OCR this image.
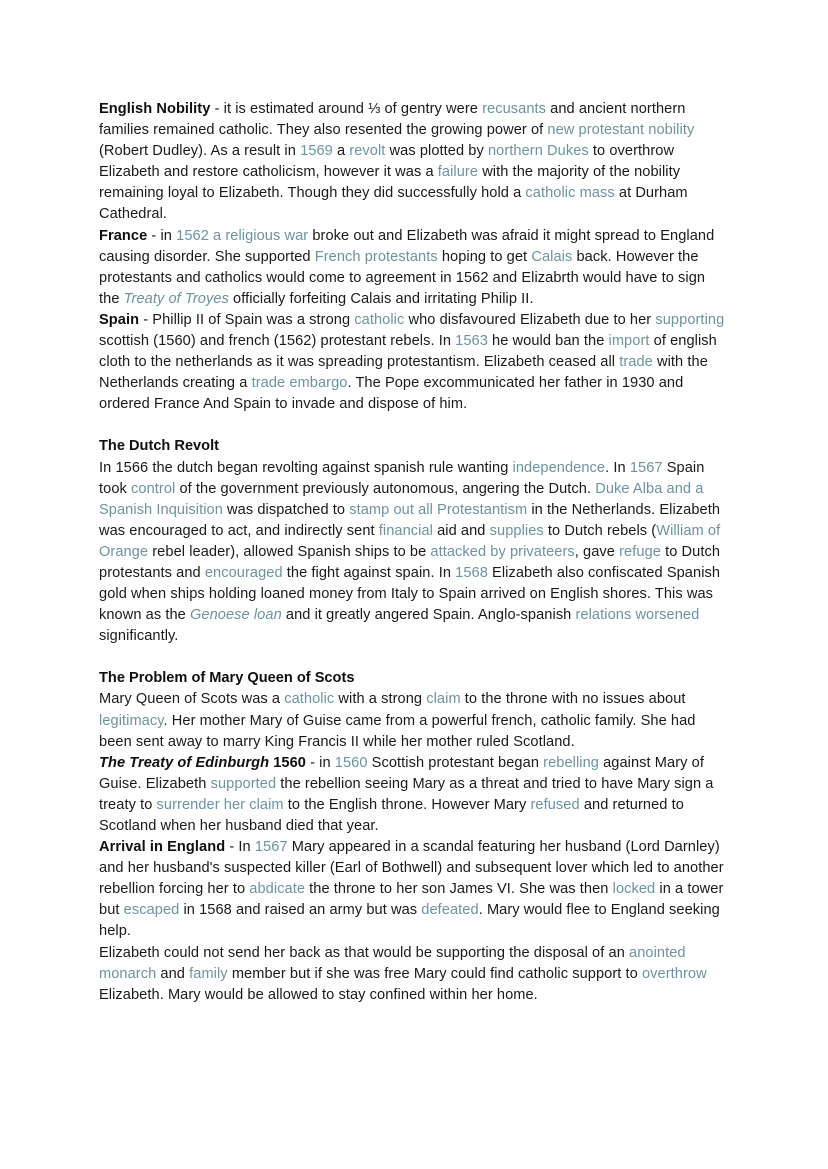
English Nobility - it is estimated around ⅓ of gentry were recusants and ancient northern families remained catholic. They also resented the growing power of new protestant nobility (Robert Dudley). As a result in 1569 a revolt was plotted by northern Dukes to overthrow Elizabeth and restore catholicism, however it was a failure with the majority of the nobility remaining loyal to Elizabeth. Though they did successfully hold a catholic mass at Durham Cathedral.
France - in 1562 a religious war broke out and Elizabeth was afraid it might spread to England causing disorder. She supported French protestants hoping to get Calais back. However the protestants and catholics would come to agreement in 1562 and Elizabrth would have to sign the Treaty of Troyes officially forfeiting Calais and irritating Philip II.
Spain - Phillip II of Spain was a strong catholic who disfavoured Elizabeth due to her supporting scottish (1560) and french (1562) protestant rebels. In 1563 he would ban the import of english cloth to the netherlands as it was spreading protestantism. Elizabeth ceased all trade with the Netherlands creating a trade embargo. The Pope excommunicated her father in 1930 and ordered France And Spain to invade and dispose of him.
The Dutch Revolt
In 1566 the dutch began revolting against spanish rule wanting independence. In 1567 Spain took control of the government previously autonomous, angering the Dutch. Duke Alba and a Spanish Inquisition was dispatched to stamp out all Protestantism in the Netherlands. Elizabeth was encouraged to act, and indirectly sent financial aid and supplies to Dutch rebels (William of Orange rebel leader), allowed Spanish ships to be attacked by privateers, gave refuge to Dutch protestants and encouraged the fight against spain. In 1568 Elizabeth also confiscated Spanish gold when ships holding loaned money from Italy to Spain arrived on English shores. This was known as the Genoese loan and it greatly angered Spain. Anglo-spanish relations worsened significantly.
The Problem of Mary Queen of Scots
Mary Queen of Scots was a catholic with a strong claim to the throne with no issues about legitimacy. Her mother Mary of Guise came from a powerful french, catholic family. She had been sent away to marry King Francis II while her mother ruled Scotland.
The Treaty of Edinburgh 1560 - in 1560 Scottish protestant began rebelling against Mary of Guise. Elizabeth supported the rebellion seeing Mary as a threat and tried to have Mary sign a treaty to surrender her claim to the English throne. However Mary refused and returned to Scotland when her husband died that year.
Arrival in England - In 1567 Mary appeared in a scandal featuring her husband (Lord Darnley) and her husband's suspected killer (Earl of Bothwell) and subsequent lover which led to another rebellion forcing her to abdicate the throne to her son James VI. She was then locked in a tower but escaped in 1568 and raised an army but was defeated. Mary would flee to England seeking help.
Elizabeth could not send her back as that would be supporting the disposal of an anointed monarch and family member but if she was free Mary could find catholic support to overthrow Elizabeth. Mary would be allowed to stay confined within her home.
